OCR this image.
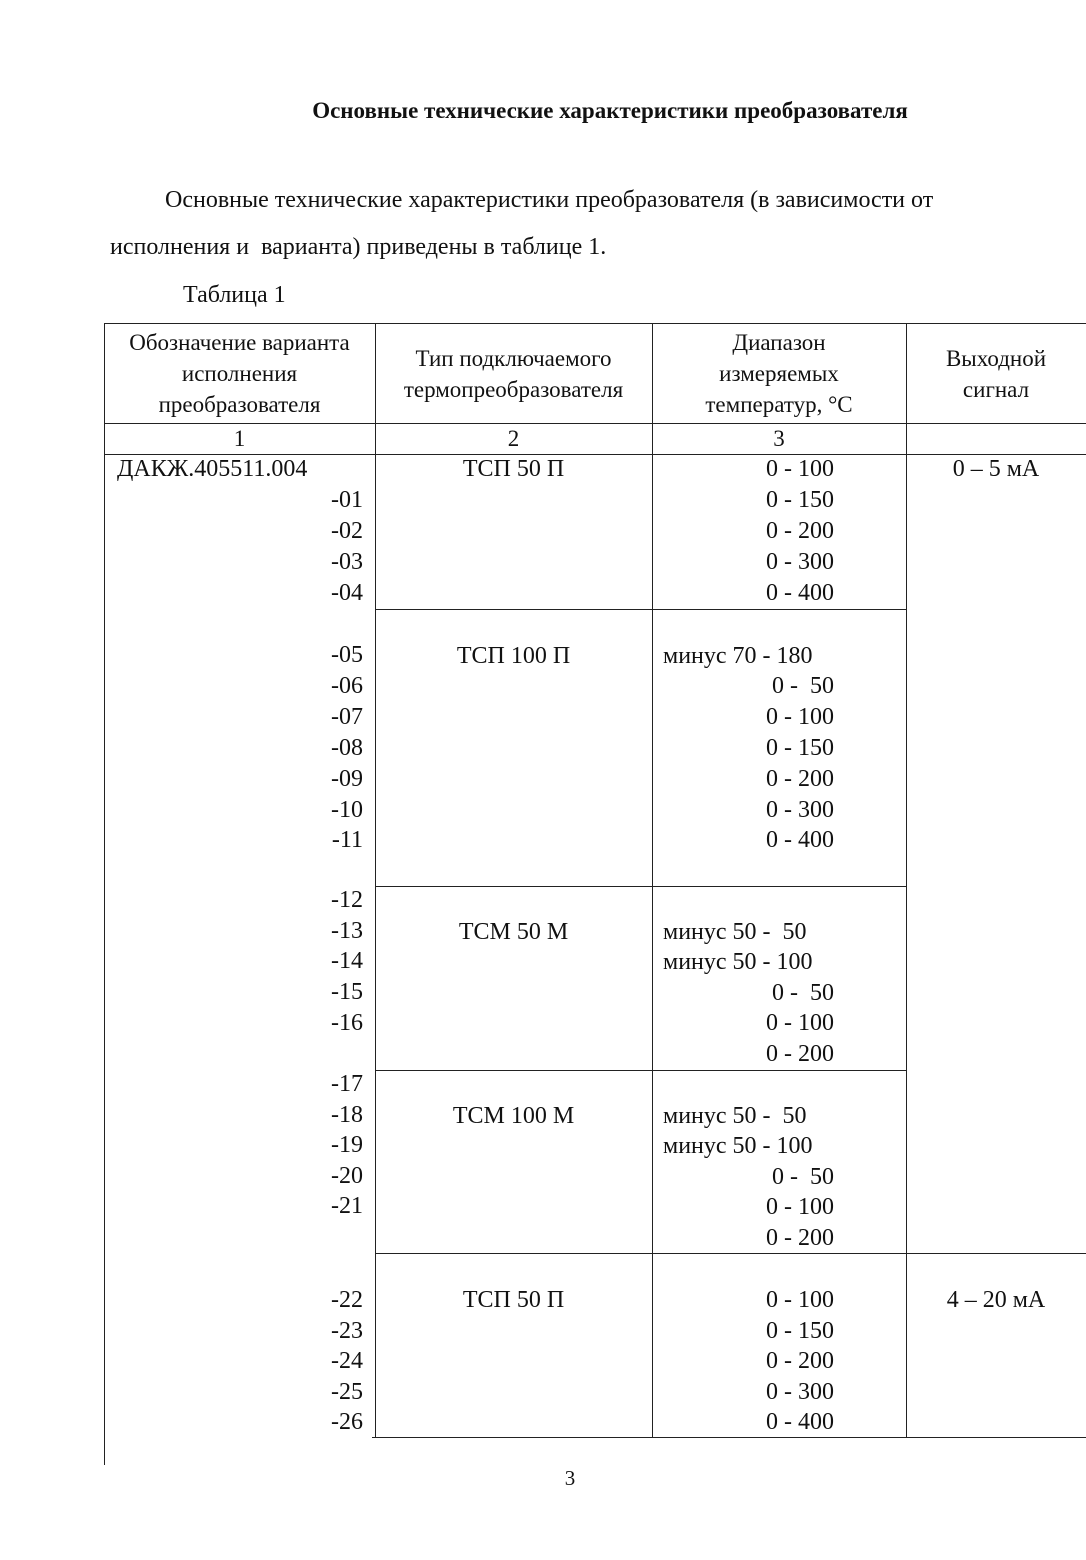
Основные технические характеристики преобразователя
Основные технические характеристики преобразователя (в зависимости от
исполнения и  варианта) приведены в таблице 1.
Таблица 1
Обозначение варианта исполнения преобразователя
Тип подключаемого термопреобразователя
Диапазон измеряемых температур, °С
Выходной сигнал
1	2	3
3
ДАКЖ.405511.004
-01
-02
-03
-04
-05
-06
-07
-08
-09
-10
-11
-12
-13
-14
-15
-16
-17
-18
-19
-20
-21
-22
-23
-24
-25
-26
ТСП 50 П
ТСП 100 П
ТСМ 50 М
ТСМ 100 М
ТСП 50 П
0 - 100
0 - 150
0 - 200
0 - 300
0 - 400
минус 70 - 180
0 -  50
0 - 100
0 - 150
0 - 200
0 - 300
0 - 400
минус 50 -  50
минус 50 - 100
0 -  50
0 - 100
0 - 200
минус 50 -  50
минус 50 - 100
0 -  50
0 - 100
0 - 200
0 - 100
0 - 150
0 - 200
0 - 300
0 - 400
0 – 5 мА
4 – 20 мА
